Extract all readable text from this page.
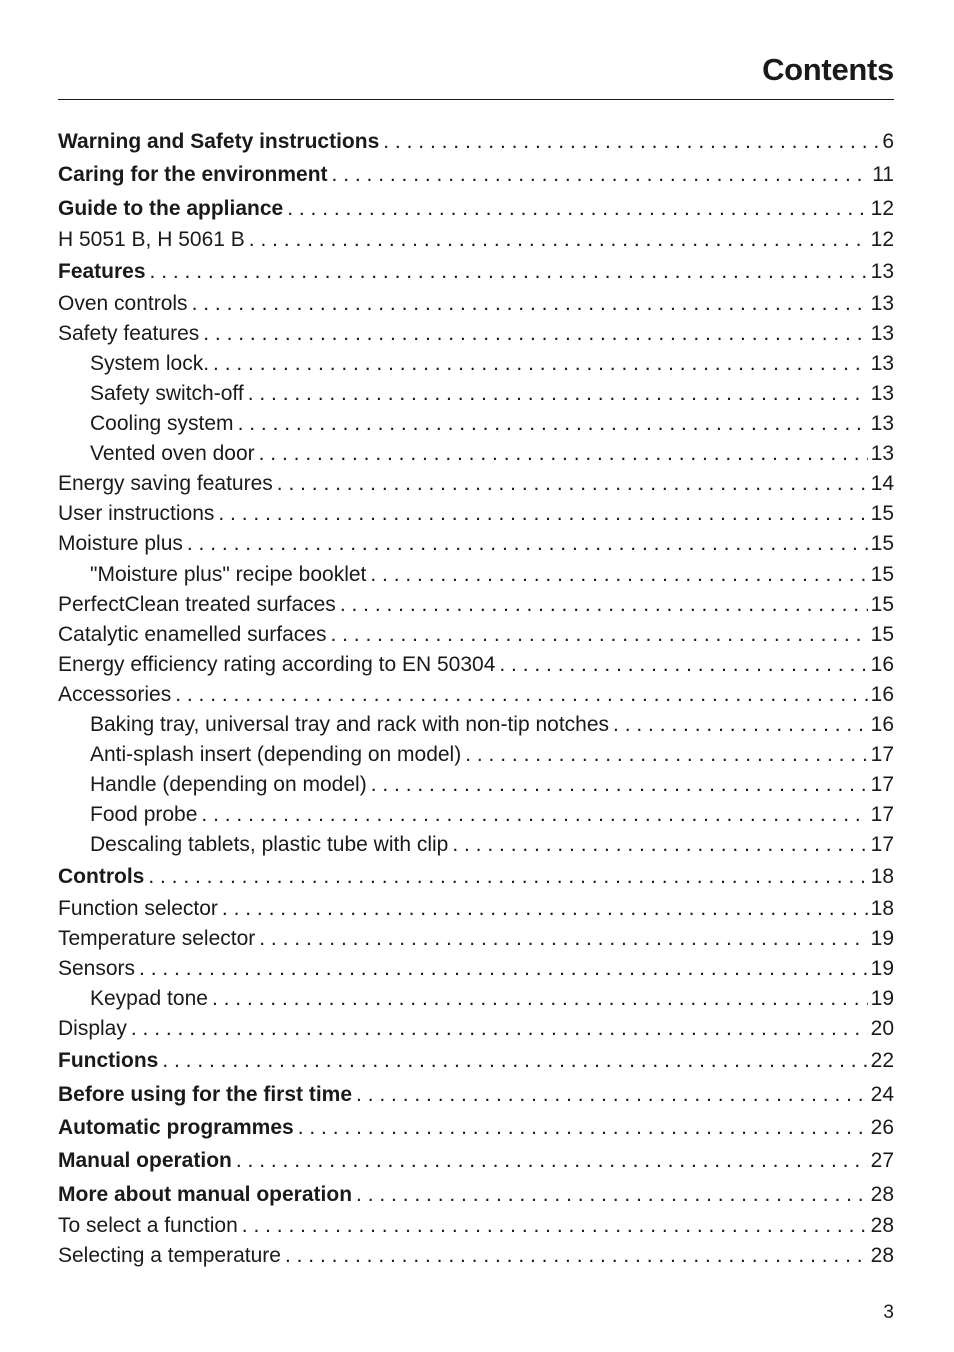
Contents
Warning and Safety instructions . . .	6
Caring for the environment . . .	11
Guide to the appliance . . .	12
H 5051 B, H 5061 B . . .	12
Features . . .	13
Oven controls . . .	13
Safety features . . .	13
System lock. . . .	13
Safety switch-off . . .	13
Cooling system . . .	13
Vented oven door . . .	13
Energy saving features . . .	14
User instructions . . .	15
Moisture plus . . .	15
"Moisture plus" recipe booklet . . .	15
PerfectClean treated surfaces . . .	15
Catalytic enamelled surfaces . . .	15
Energy efficiency rating according to EN 50304 . . .	16
Accessories . . .	16
Baking tray, universal tray and rack with non-tip notches . . .	16
Anti-splash insert (depending on model) . . .	17
Handle (depending on model) . . .	17
Food probe . . .	17
Descaling tablets, plastic tube with clip . . .	17
Controls . . .	18
Function selector . . .	18
Temperature selector . . .	19
Sensors . . .	19
Keypad tone . . .	19
Display . . .	20
Functions . . .	22
Before using for the first time . . .	24
Automatic programmes . . .	26
Manual operation . . .	27
More about manual operation . . .	28
To select a function . . .	28
Selecting a temperature . . .	28
3
